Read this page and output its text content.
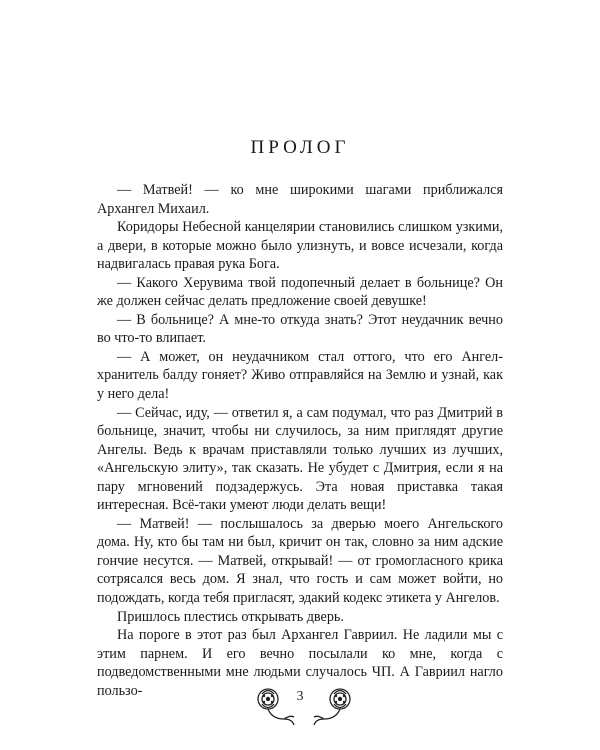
ПРОЛОГ

— Матвей! — ко мне широкими шагами приближался Архангел Михаил.

Коридоры Небесной канцелярии становились слишком узкими, а двери, в которые можно было улизнуть, и вовсе исчезали, когда надвигалась правая рука Бога.

— Какого Херувима твой подопечный делает в больнице? Он же должен сейчас делать предложение своей девушке!

— В больнице? А мне-то откуда знать? Этот неудачник вечно во что-то влипает.

— А может, он неудачником стал оттого, что его Ангел-хранитель балду гоняет? Живо отправляйся на Землю и узнай, как у него дела!

— Сейчас, иду, — ответил я, а сам подумал, что раз Дмитрий в больнице, значит, чтобы ни случилось, за ним приглядят другие Ангелы. Ведь к врачам приставляли только лучших из лучших, «Ангельскую элиту», так сказать. Не убудет с Дмитрия, если я на пару мгновений подзадержусь. Эта новая приставка такая интересная. Всё-таки умеют люди делать вещи!

— Матвей! — послышалось за дверью моего Ангельского дома. Ну, кто бы там ни был, кричит он так, словно за ним адские гончие несутся. — Матвей, открывай! — от громогласного крика сотрясался весь дом. Я знал, что гость и сам может войти, но подождать, когда тебя пригласят, эдакий кодекс этикета у Ангелов.

Пришлось плестись открывать дверь.

На пороге в этот раз был Архангел Гавриил. Не ладили мы с этим парнем. И его вечно посылали ко мне, когда с подведомственными мне людьми случалось ЧП. А Гавриил нагло пользо-	3
